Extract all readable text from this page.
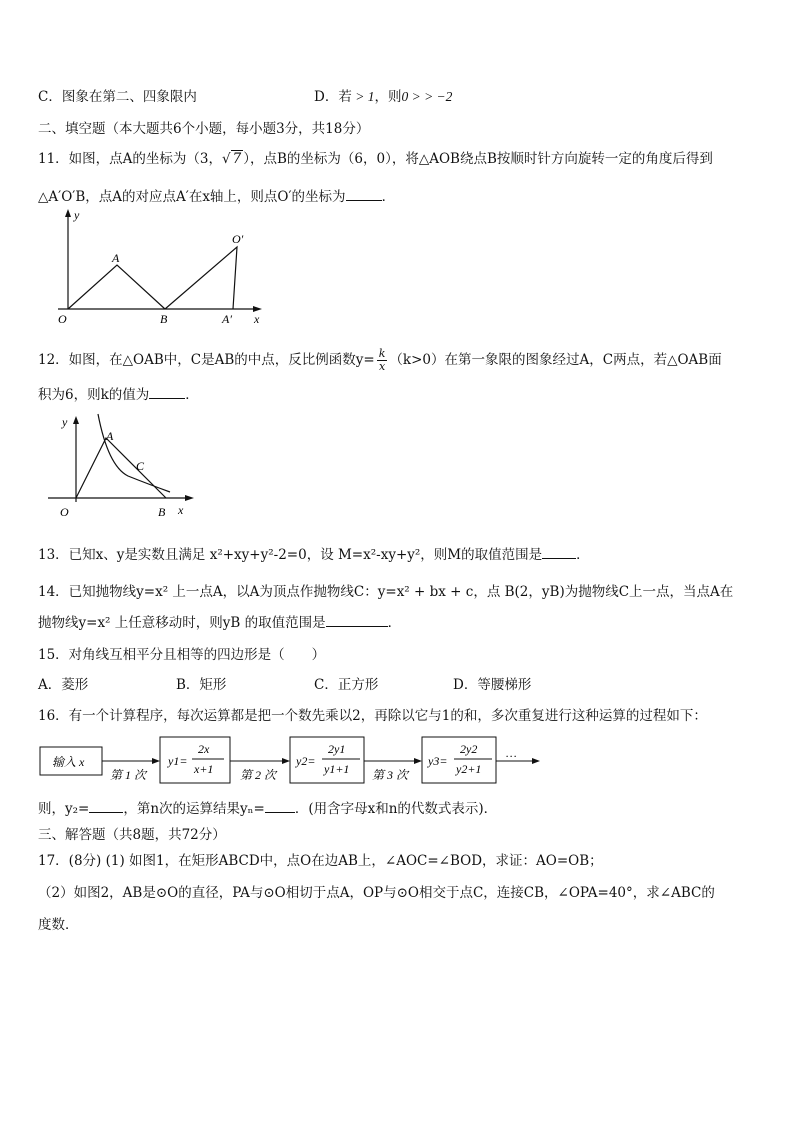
C．图象在第二、四象限内	D．若 > 1，则0 > > −2
二、填空题（本大题共6个小题，每小题3分，共18分）
11．如图，点A的坐标为（3，√ 7 ），点B的坐标为（6，0），将△AOB绕点B按顺时针方向旋转一定的角度后得到
△A′O′B，点A的对应点A′在x轴上，则点O′的坐标为	．
y
x
O
A
B	A′
O′
12．如图，在△OAB中，C是AB的中点，反比例函数$y= \frac{k}{x} (k>0)$在第一象限的图象经过A，C两点，若△OAB面
积为6，则k的值为	．
y
x
O
A
B
C
13．已知x、y是实数且满足 x²+xy+y²-2=0，设 M=x²-xy+y²，则M的取值范围是	．
14．已知抛物线y=x² 上一点A，以A为顶点作抛物线C：y=x² + bx + c，点 B(2，yB)为抛物线C上一点，当点A在
抛物线y=x² 上任意移动时，则yB 的取值范围是	．
15．对角线互相平分且相等的四边形是（　　）
A．菱形	B．矩形	C．正方形	D．等腰梯形
16．有一个计算程序，每次运算都是把一个数先乘以2，再除以它与1的和，多次重复进行这种运算的过程如下：
输入 x
第 1 次
y1=
2x
x+1 第 2 次
y2=
2y1
y1+1 第 3 次
y3=
2y2
y2+1
…
则，y₂=	，第n次的运算结果yₙ= ．(用含字母x和n的代数式表示)．
三、解答题（共8题，共72分）
17．(8分) (1) 如图1，在矩形ABCD中，点O在边AB上，∠AOC=∠BOD，求证：AO=OB；
（2）如图2，AB是⊙O的直径，PA与⊙O相切于点A，OP与⊙O相交于点C，连接CB，∠OPA=40°，求∠ABC的
度数．
